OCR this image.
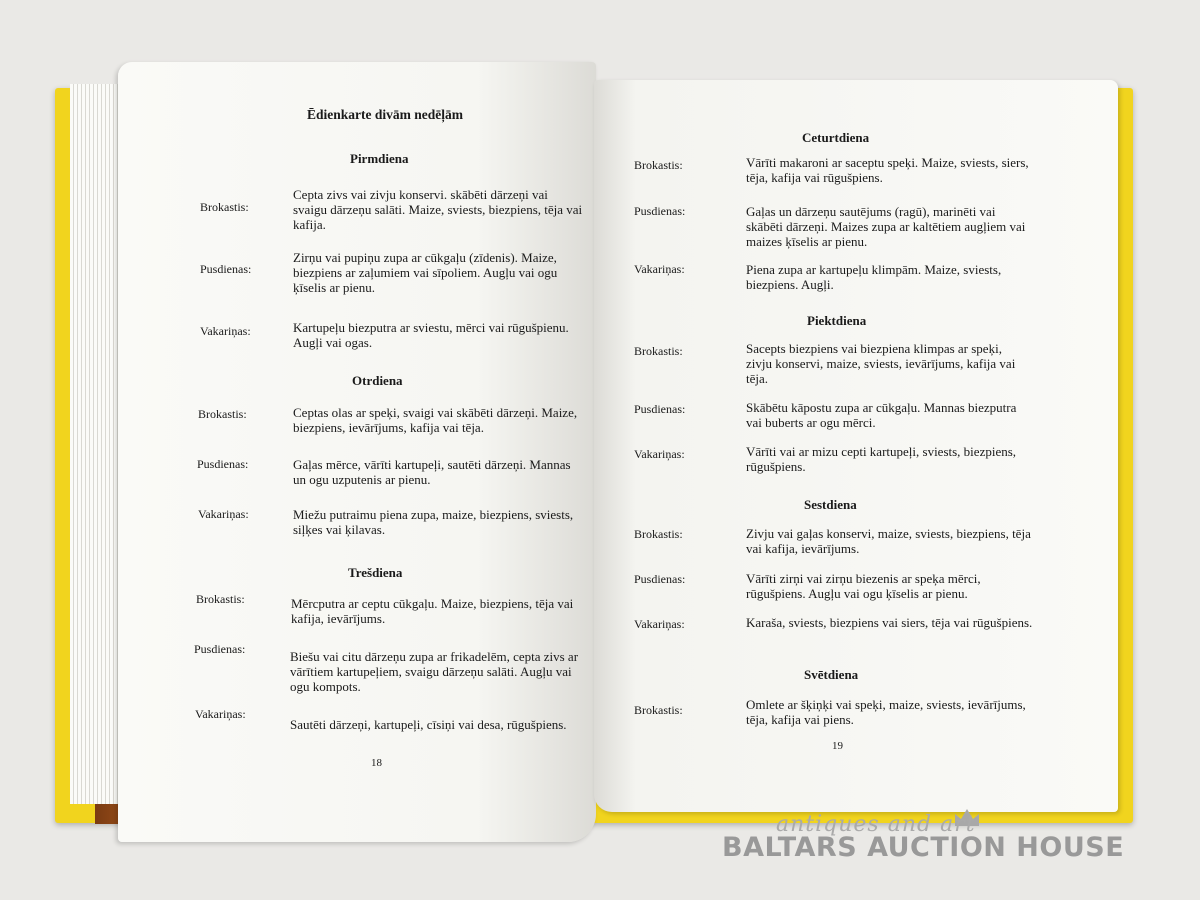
Ēdienkarte divām nedēļām
Pirmdiena
Brokastis:
Cepta zivs vai zivju konservi. skābēti dārzeņi vai svaigu dārzeņu salāti. Maize, sviests, biezpiens, tēja vai kafija.
Pusdienas:
Zirņu vai pupiņu zupa ar cūkgaļu (zīdenis). Maize, biezpiens ar zaļumiem vai sīpoliem. Augļu vai ogu ķīselis ar pienu.
Vakariņas:	Kartupeļu biezputra ar sviestu, mērci vai rūgušpienu. Augļi vai ogas.
Otrdiena
Brokastis:	Ceptas olas ar speķi, svaigi vai skābēti dārzeņi. Maize, biezpiens, ievārījums, kafija vai tēja.
Pusdienas:	Gaļas mērce, vārīti kartupeļi, sautēti dārzeņi. Mannas un ogu uzputenis ar pienu.
Vakariņas:	Miežu putraimu piena zupa, maize, biezpiens, sviests, siļķes vai ķilavas.
Trešdiena
Brokastis:	Mērcputra ar ceptu cūkgaļu. Maize, biezpiens, tēja vai kafija, ievārījums.
Pusdienas:	Biešu vai citu dārzeņu zupa ar frikadelēm, cepta zivs ar vārītiem kartupeļiem, svaigu dārzeņu salāti. Augļu vai ogu kompots.
Vakariņas:
Sautēti dārzeņi, kartupeļi, cīsiņi vai desa, rūgušpiens.
18
Ceturtdiena
Brokastis:	Vārīti makaroni ar saceptu speķi. Maize, sviests, siers, tēja, kafija vai rūgušpiens.
Pusdienas:	Gaļas un dārzeņu sautējums (ragū), marinēti vai skābēti dārzeņi. Maizes zupa ar kaltētiem augļiem vai maizes ķīselis ar pienu.
Vakariņas:	Piena zupa ar kartupeļu klimpām. Maize, sviests, biezpiens. Augļi.
Piektdiena
Brokastis:	Sacepts biezpiens vai biezpiena klimpas ar speķi, zivju konservi, maize, sviests, ievārījums, kafija vai tēja.
Pusdienas:	Skābētu kāpostu zupa ar cūkgaļu. Mannas biezputra vai buberts ar ogu mērci.
Vakariņas:	Vārīti vai ar mizu cepti kartupeļi, sviests, biezpiens, rūgušpiens.
Sestdiena
Brokastis:	Zivju vai gaļas konservi, maize, sviests, biezpiens, tēja vai kafija, ievārījums.
Pusdienas:	Vārīti zirņi vai zirņu biezenis ar speķa mērci, rūgušpiens. Augļu vai ogu ķīselis ar pienu.
Vakariņas:	Karaša, sviests, biezpiens vai siers, tēja vai rūgušpiens.
Svētdiena
Brokastis:	Omlete ar šķiņķi vai speķi, maize, sviests, ievārījums, tēja, kafija vai piens.
19
antiques and art
BALTARS AUCTION HOUSE
